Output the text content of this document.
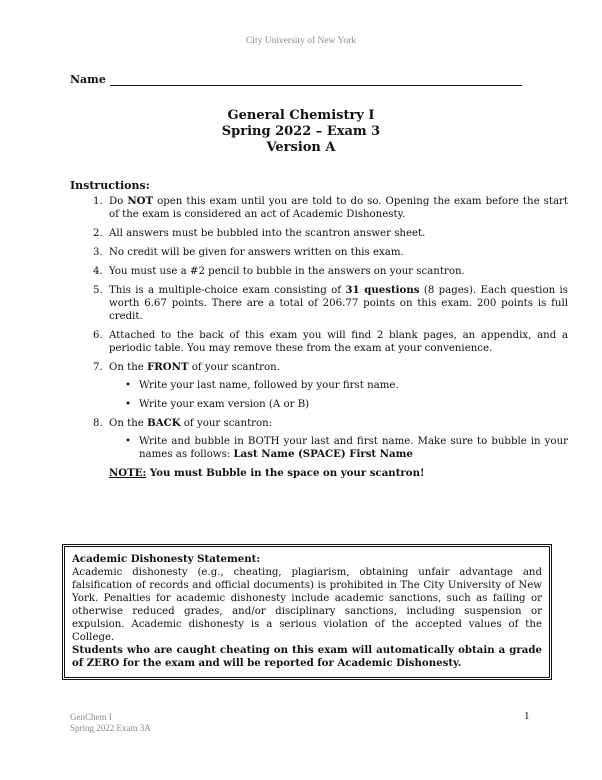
City University of New York
Name
General Chemistry I
Spring 2022 – Exam 3
Version A
Instructions:
1. Do NOT open this exam until you are told to do so. Opening the exam before the start of the exam is considered an act of Academic Dishonesty.
2. All answers must be bubbled into the scantron answer sheet.
3. No credit will be given for answers written on this exam.
4. You must use a #2 pencil to bubble in the answers on your scantron.
5. This is a multiple-choice exam consisting of 31 questions (8 pages). Each question is worth 6.67 points. There are a total of 206.77 points on this exam. 200 points is full credit.
6. Attached to the back of this exam you will find 2 blank pages, an appendix, and a periodic table. You may remove these from the exam at your convenience.
7. On the FRONT of your scantron.
• Write your last name, followed by your first name.
• Write your exam version (A or B)
8. On the BACK of your scantron:
• Write and bubble in BOTH your last and first name. Make sure to bubble in your names as follows: Last Name (SPACE) First Name
NOTE: You must Bubble in the space on your scantron!
Academic Dishonesty Statement:
Academic dishonesty (e.g., cheating, plagiarism, obtaining unfair advantage and falsification of records and official documents) is prohibited in The City University of New York. Penalties for academic dishonesty include academic sanctions, such as failing or otherwise reduced grades, and/or disciplinary sanctions, including suspension or expulsion. Academic dishonesty is a serious violation of the accepted values of the College.
Students who are caught cheating on this exam will automatically obtain a grade of ZERO for the exam and will be reported for Academic Dishonesty.
GenChem I
Spring 2022 Exam 3A
1
